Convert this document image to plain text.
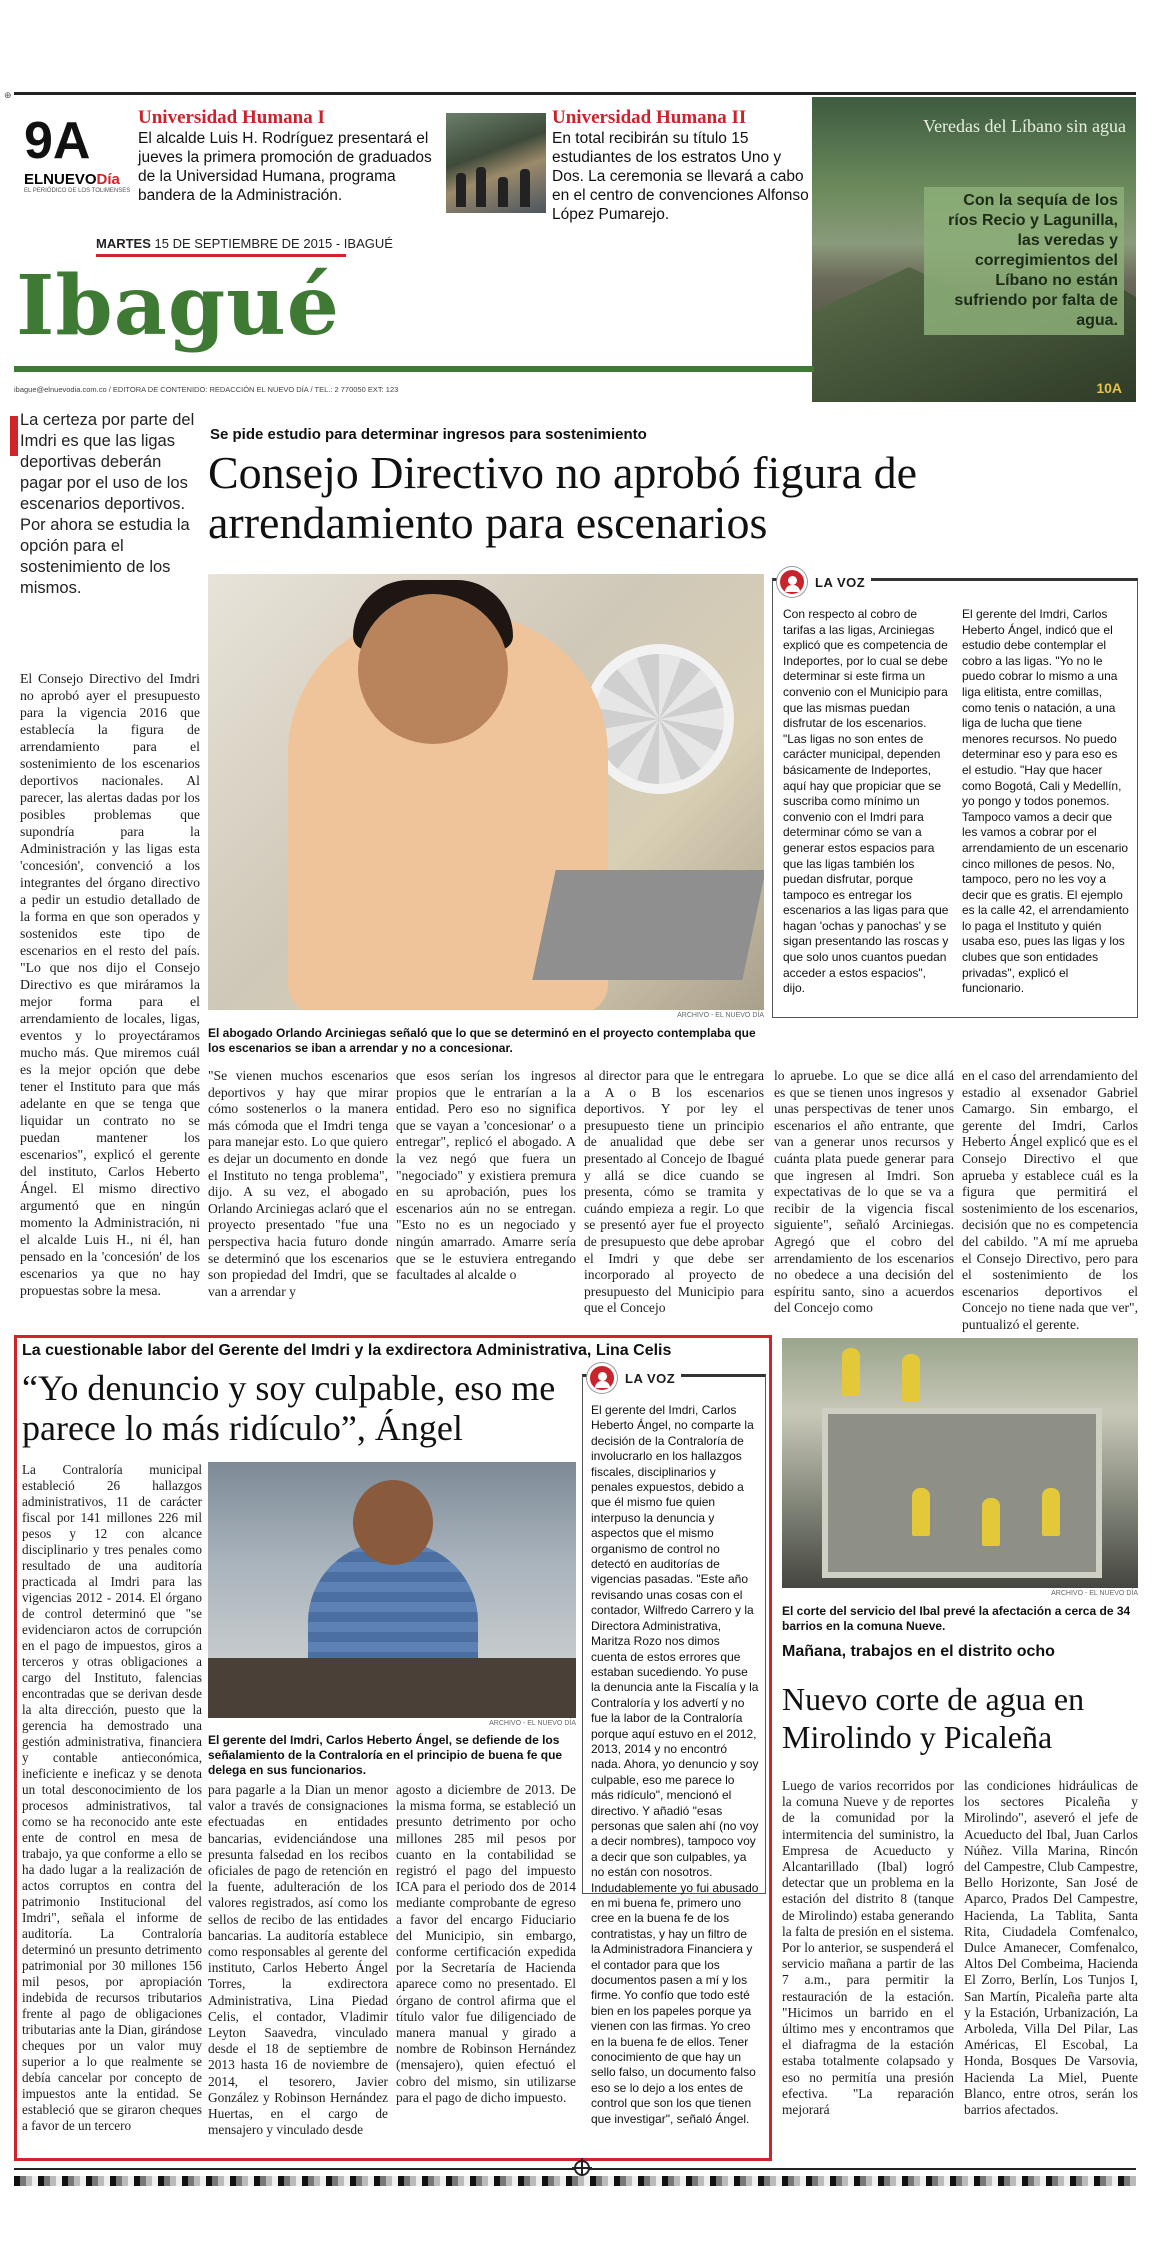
⊕
9A
ELNUEVODía
EL PERIÓDICO DE LOS TOLIMENSES
Universidad Humana I

El alcalde Luis H. Rodríguez presentará el jueves la primera promoción de graduados de la Universidad Humana, programa bandera de la Administración.

Universidad Humana II

En total recibirán su título 15 estudiantes de los estratos Uno y Dos. La ceremonia se llevará a cabo en el centro de convenciones Alfonso López Pumarejo.

Veredas del Líbano sin agua
Con la sequía de los ríos Recio y Lagunilla, las veredas y corregimientos del Líbano no están sufriendo por falta de agua.
10A
MARTES 15 DE SEPTIEMBRE DE 2015 - IBAGUÉ
Ibagué
ibague@elnuevodia.com.co / EDITORA DE CONTENIDO: REDACCIÓN EL NUEVO DÍA / TEL.: 2 770050 EXT: 123

La certeza por parte del Imdri es que las ligas deportivas deberán pagar por el uso de los escenarios deportivos. Por ahora se estudia la opción para el sostenimiento de los mismos.

Se pide estudio para determinar ingresos para sostenimiento
Consejo Directivo no aprobó figura de arrendamiento para escenarios
ARCHIVO - EL NUEVO DÍA
El abogado Orlando Arciniegas señaló que lo que se determinó en el proyecto contemplaba que los escenarios se iban a arrendar y no a concesionar.
LA VOZ

Con respecto al cobro de tarifas a las ligas, Arciniegas explicó que es competencia de Indeportes, por lo cual se debe determinar si este firma un convenio con el Municipio para que las mismas puedan disfrutar de los escenarios. "Las ligas no son entes de carácter municipal, dependen básicamente de Indeportes, aquí hay que propiciar que se suscriba como mínimo un convenio con el Imdri para determinar cómo se van a generar estos espacios para que las ligas también los puedan disfrutar, porque tampoco es entregar los escenarios a las ligas para que hagan 'ochas y panochas' y se sigan presentando las roscas y que solo unos cuantos puedan acceder a estos espacios", dijo.

El gerente del Imdri, Carlos Heberto Ángel, indicó que el estudio debe contemplar el cobro a las ligas. "Yo no le puedo cobrar lo mismo a una liga elitista, entre comillas, como tenis o natación, a una liga de lucha que tiene menores recursos. No puedo determinar eso y para eso es el estudio. "Hay que hacer como Bogotá, Cali y Medellín, yo pongo y todos ponemos. Tampoco vamos a decir que les vamos a cobrar por el arrendamiento de un escenario cinco millones de pesos. No, tampoco, pero no les voy a decir que es gratis. El ejemplo es la calle 42, el arrendamiento lo paga el Instituto y quién usaba eso, pues las ligas y los clubes que son entidades privadas", explicó el funcionario.

El Consejo Directivo del Imdri no aprobó ayer el presupuesto para la vigencia 2016 que establecía la figura de arrendamiento para el sostenimiento de los escenarios deportivos nacionales. Al parecer, las alertas dadas por los posibles problemas que supondría para la Administración y las ligas esta 'concesión', convenció a los integrantes del órgano directivo a pedir un estudio detallado de la forma en que son operados y sostenidos este tipo de escenarios en el resto del país. "Lo que nos dijo el Consejo Directivo es que miráramos la mejor forma para el arrendamiento de locales, ligas, eventos y lo proyectáramos mucho más. Que miremos cuál es la mejor opción que debe tener el Instituto para que más adelante en que se tenga que liquidar un contrato no se puedan mantener los escenarios", explicó el gerente del instituto, Carlos Heberto Ángel. El mismo directivo argumentó que en ningún momento la Administración, ni el alcalde Luis H., ni él, han pensado en la 'concesión' de los escenarios ya que no hay propuestas sobre la mesa.
"Se vienen muchos escenarios deportivos y hay que mirar cómo sostenerlos o la manera más cómoda que el Imdri tenga para manejar esto. Lo que quiero es dejar un documento en donde el Instituto no tenga problema", dijo. A su vez, el abogado Orlando Arciniegas aclaró que el proyecto presentado "fue una perspectiva hacia futuro donde se determinó que los escenarios son propiedad del Imdri, que se van a arrendar y
que esos serían los ingresos propios que le entrarían a la entidad. Pero eso no significa que se vayan a 'concesionar' o a entregar", replicó el abogado. A la vez negó que fuera un "negociado" y existiera premura en su aprobación, pues los escenarios aún no se entregan. "Esto no es un negociado y ningún amarrado. Amarre sería que se le estuviera entregando facultades al alcalde o
al director para que le entregara a A o B los escenarios deportivos. Y por ley el presupuesto tiene un principio de anualidad que debe ser presentado al Concejo de Ibagué y allá se dice cuando se presenta, cómo se tramita y cuándo empieza a regir. Lo que se presentó ayer fue el proyecto de presupuesto que debe aprobar el Imdri y que debe ser incorporado al proyecto de presupuesto del Municipio para que el Concejo
lo apruebe. Lo que se dice allá es que se tienen unos ingresos y unas perspectivas de tener unos escenarios el año entrante, que van a generar unos recursos y cuánta plata puede generar para que ingresen al Imdri. Son expectativas de lo que se va a recibir de la vigencia fiscal siguiente", señaló Arciniegas. Agregó que el cobro del arrendamiento de los escenarios no obedece a una decisión del espíritu santo, sino a acuerdos del Concejo como
en el caso del arrendamiento del estadio al exsenador Gabriel Camargo. Sin embargo, el gerente del Imdri, Carlos Heberto Ángel explicó que es el Consejo Directivo el que aprueba y establece cuál es la figura que permitirá el sostenimiento de los escenarios, decisión que no es competencia del cabildo. "A mí me aprueba el Consejo Directivo, pero para el sostenimiento de los escenarios deportivos el Concejo no tiene nada que ver", puntualizó el gerente.
La cuestionable labor del Gerente del Imdri y la exdirectora Administrativa, Lina Celis
“Yo denuncio y soy culpable, eso me parece lo más ridículo”, Ángel
ARCHIVO - EL NUEVO DÍA
El gerente del Imdri, Carlos Heberto Ángel, se defiende de los señalamiento de la Contraloría en el principio de buena fe que delega en sus funcionarios.
LA VOZ

El gerente del Imdri, Carlos Heberto Ángel, no comparte la decisión de la Contraloría de involucrarlo en los hallazgos fiscales, disciplinarios y penales expuestos, debido a que él mismo fue quien interpuso la denuncia y aspectos que el mismo organismo de control no detectó en auditorías de vigencias pasadas. "Este año revisando unas cosas con el contador, Wilfredo Carrero y la Directora Administrativa, Maritza Rozo nos dimos cuenta de estos errores que estaban sucediendo. Yo puse la denuncia ante la Fiscalía y la Contraloría y los advertí y no fue la labor de la Contraloría porque aquí estuvo en el 2012, 2013, 2014 y no encontró nada. Ahora, yo denuncio y soy culpable, eso me parece lo más ridículo", mencionó el directivo. Y añadió "esas personas que salen ahí (no voy a decir nombres), tampoco voy a decir que son culpables, ya no están con nosotros. Indudablemente yo fui abusado en mi buena fe, primero uno cree en la buena fe de los contratistas, y hay un filtro de la Administradora Financiera y el contador para que los documentos pasen a mí y los firme. Yo confío que todo esté bien en los papeles porque ya vienen con las firmas. Yo creo en la buena fe de ellos. Tener conocimiento de que hay un sello falso, un documento falso eso se lo dejo a los entes de control que son los que tienen que investigar", señaló Ángel.

La Contraloría municipal estableció 26 hallazgos administrativos, 11 de carácter fiscal por 141 millones 226 mil pesos y 12 con alcance disciplinario y tres penales como resultado de una auditoría practicada al Imdri para las vigencias 2012 - 2014. El órgano de control determinó que "se evidenciaron actos de corrupción en el pago de impuestos, giros a terceros y otras obligaciones a cargo del Instituto, falencias encontradas que se derivan desde la alta dirección, puesto que la gerencia ha demostrado una gestión administrativa, financiera y contable antieconómica, ineficiente e ineficaz y se denota un total desconocimiento de los procesos administrativos, tal como se ha reconocido ante este ente de control en mesa de trabajo, ya que conforme a ello se ha dado lugar a la realización de actos corruptos en contra del patrimonio Institucional del Imdri", señala el informe de auditoría. La Contraloría determinó un presunto detrimento patrimonial por 30 millones 156 mil pesos, por apropiación indebida de recursos tributarios frente al pago de obligaciones tributarias ante la Dian, girándose cheques por un valor muy superior a lo que realmente se debía cancelar por concepto de impuestos ante la entidad. Se estableció que se giraron cheques a favor de un tercero
para pagarle a la Dian un menor valor a través de consignaciones efectuadas en entidades bancarias, evidenciándose una presunta falsedad en los recibos oficiales de pago de retención en la fuente, adulteración de los valores registrados, así como los sellos de recibo de las entidades bancarias. La auditoría establece como responsables al gerente del instituto, Carlos Heberto Ángel Torres, la exdirectora Administrativa, Lina Piedad Celis, el contador, Vladimir Leyton Saavedra, vinculado desde el 18 de septiembre de 2013 hasta 16 de noviembre de 2014, el tesorero, Javier González y Robinson Hernández Huertas, en el cargo de mensajero y vinculado desde
agosto a diciembre de 2013. De la misma forma, se estableció un presunto detrimento por ocho millones 285 mil pesos por cuanto en la contabilidad se registró el pago del impuesto ICA para el periodo dos de 2014 mediante comprobante de egreso a favor del encargo Fiduciario del Municipio, sin embargo, conforme certificación expedida por la Secretaría de Hacienda aparece como no presentado. El órgano de control afirma que el título valor fue diligenciado de manera manual y girado a nombre de Robinson Hernández (mensajero), quien efectuó el cobro del mismo, sin utilizarse para el pago de dicho impuesto.
ARCHIVO - EL NUEVO DÍA
El corte del servicio del Ibal prevé la afectación a cerca de 34 barrios en la comuna Nueve.
Mañana, trabajos en el distrito ocho
Nuevo corte de agua en Mirolindo y Picaleña
Luego de varios recorridos por la comuna Nueve y de reportes de la comunidad por la intermitencia del suministro, la Empresa de Acueducto y Alcantarillado (Ibal) logró detectar que un problema en la estación del distrito 8 (tanque de Mirolindo) estaba generando la falta de presión en el sistema. Por lo anterior, se suspenderá el servicio mañana a partir de las 7 a.m., para permitir la restauración de la estación. "Hicimos un barrido en el último mes y encontramos que el diafragma de la estación estaba totalmente colapsado y eso no permitía una presión efectiva. "La reparación mejorará
las condiciones hidráulicas de los sectores Picaleña y Mirolindo", aseveró el jefe de Acueducto del Ibal, Juan Carlos Núñez. Villa Marina, Rincón del Campestre, Club Campestre, Bello Horizonte, San José de Aparco, Prados Del Campestre, Hacienda, La Tablita, Santa Rita, Ciudadela Comfenalco, Dulce Amanecer, Comfenalco, Altos Del Combeima, Hacienda El Zorro, Berlín, Los Tunjos I, San Martín, Picaleña parte alta y la Estación, Urbanización, La Arboleda, Villa Del Pilar, Las Américas, El Escobal, La Honda, Bosques De Varsovia, Hacienda La Miel, Puente Blanco, entre otros, serán los barrios afectados.
